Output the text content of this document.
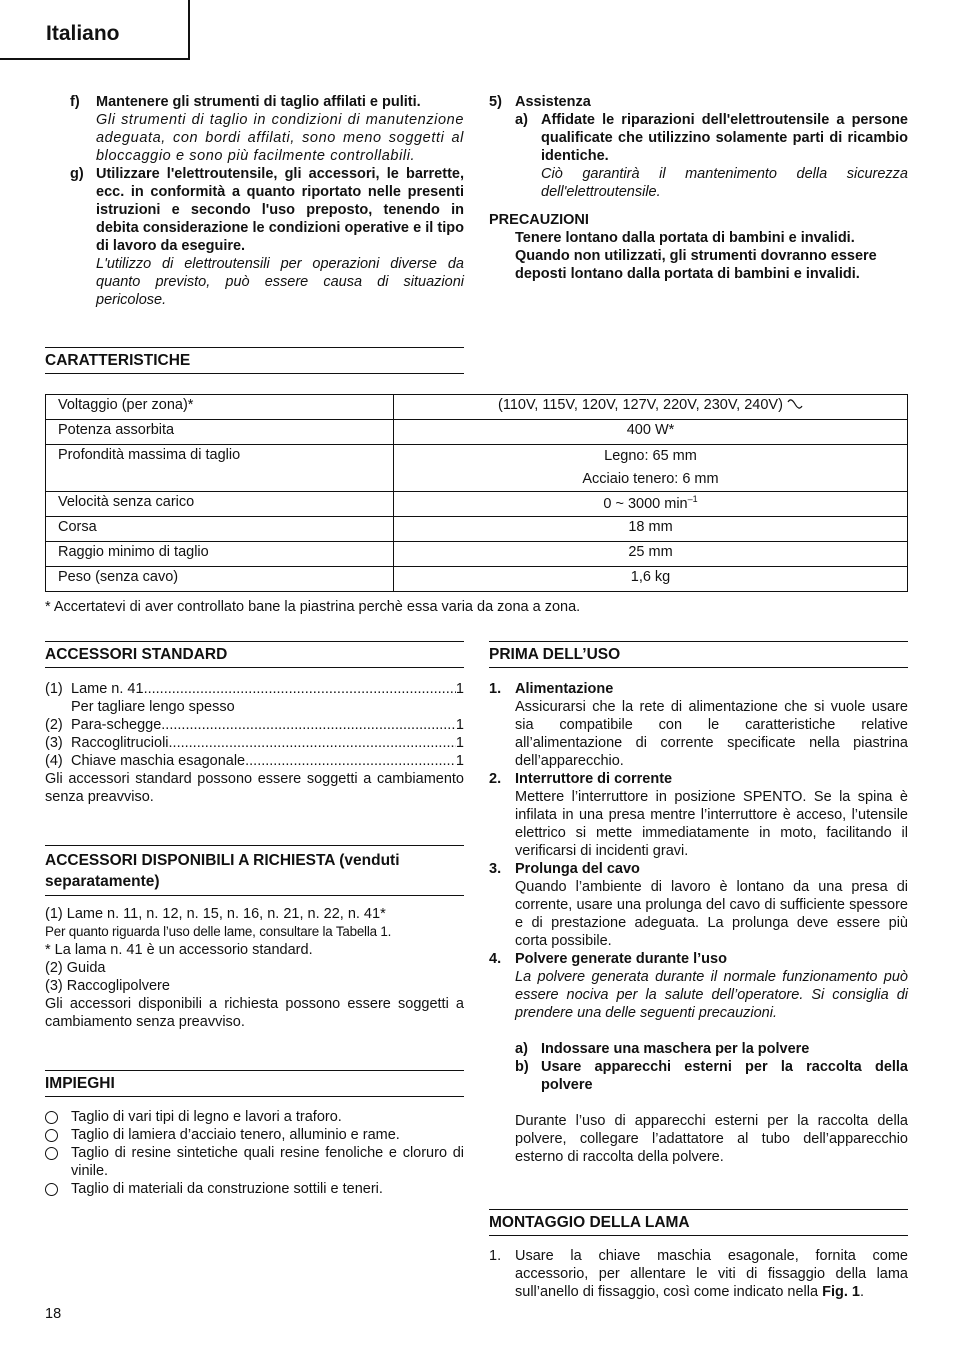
Italiano
f) Mantenere gli strumenti di taglio affilati e puliti.
Gli strumenti di taglio in condizioni di manutenzione adeguata, con bordi affilati, sono meno soggetti al bloccaggio e sono più facilmente controllabili.
g) Utilizzare l'elettroutensile, gli accessori, le barrette, ecc. in conformità a quanto riportato nelle presenti istruzioni e secondo l'uso preposto, tenendo in debita considerazione le condizioni operative e il tipo di lavoro da eseguire.
L'utilizzo di elettroutensili per operazioni diverse da quanto previsto, può essere causa di situazioni pericolose.
5) Assistenza
a) Affidate le riparazioni dell'elettroutensile a persone qualificate che utilizzino solamente parti di ricambio identiche.
Ciò garantirà il mantenimento della sicurezza dell'elettroutensile.
PRECAUZIONI
Tenere lontano dalla portata di bambini e invalidi. Quando non utilizzati, gli strumenti dovranno essere deposti lontano dalla portata di bambini e invalidi.
CARATTERISTICHE
Voltaggio (per zona)*	(110V, 115V, 120V, 127V, 220V, 230V, 240V)
Potenza assorbita	400 W*
Profondità massima di taglio	Legno: 65 mm
Acciaio tenero: 6 mm

Velocità senza carico	0 ~ 3000 $\min^{-1}$
Corsa	18 mm
Raggio minimo di taglio	25 mm
Peso (senza cavo)	1,6 kg
* Accertatevi di aver controllato bane la piastrina perchè essa varia da zona a zona.
ACCESSORI STANDARD
(1) Lame n. 41 .....	1
Per tagliare lengo spesso
(2) Para-schegge .....	1
(3) Raccoglitrucioli .....	1
(4) Chiave maschia esagonale .....	1
Gli accessori standard possono essere soggetti a cambiamento senza preavviso.
ACCESSORI DISPONIBILI A RICHIESTA (venduti separatamente)
(1) Lame n. 11, n. 12, n. 15, n. 16, n. 21, n. 22, n. 41*
Per quanto riguarda l’uso delle lame, consultare la Tabella 1.
* La lama n. 41 è un accessorio standard.
(2) Guida
(3) Raccoglipolvere
Gli accessori disponibili a richiesta possono essere soggetti a cambiamento senza preavviso.
IMPIEGHI
Taglio di vari tipi di legno e lavori a traforo.
Taglio di lamiera d’acciaio tenero, alluminio e rame.
Taglio di resine sintetiche quali resine fenoliche e cloruro di vinile.
Taglio di materiali da construzione sottili e teneri.
PRIMA DELL’USO
1. Alimentazione
Assicurarsi che la rete di alimentazione che si vuole usare sia compatibile con le caratteristiche relative all’alimentazione di corrente specificate nella piastrina dell’apparecchio.
2. Interruttore di corrente
Mettere l’interruttore in posizione SPENTO. Se la spina è infilata in una presa mentre l’interruttore è acceso, l’utensile elettrico si mette immediatamente in moto, facilitando il verificarsi di incidenti gravi.
3. Prolunga del cavo
Quando l’ambiente di lavoro è lontano da una presa di corrente, usare una prolunga del cavo di sufficiente spessore e di prestazione adeguata. La prolunga deve essere più corta possibile.
4. Polvere generate durante l’uso
La polvere generata durante il normale funzionamento può essere nociva per la salute dell’operatore. Si consiglia di prendere una delle seguenti precauzioni.
a) Indossare una maschera per la polvere
b) Usare apparecchi esterni per la raccolta della polvere
Durante l’uso di apparecchi esterni per la raccolta della polvere, collegare l’adattatore al tubo dell’apparecchio esterno di raccolta della polvere.
MONTAGGIO DELLA LAMA
1. Usare la chiave maschia esagonale, fornita come accessorio, per allentare le viti di fissaggio della lama sull’anello di fissaggio, così come indicato nella Fig. 1.
18
